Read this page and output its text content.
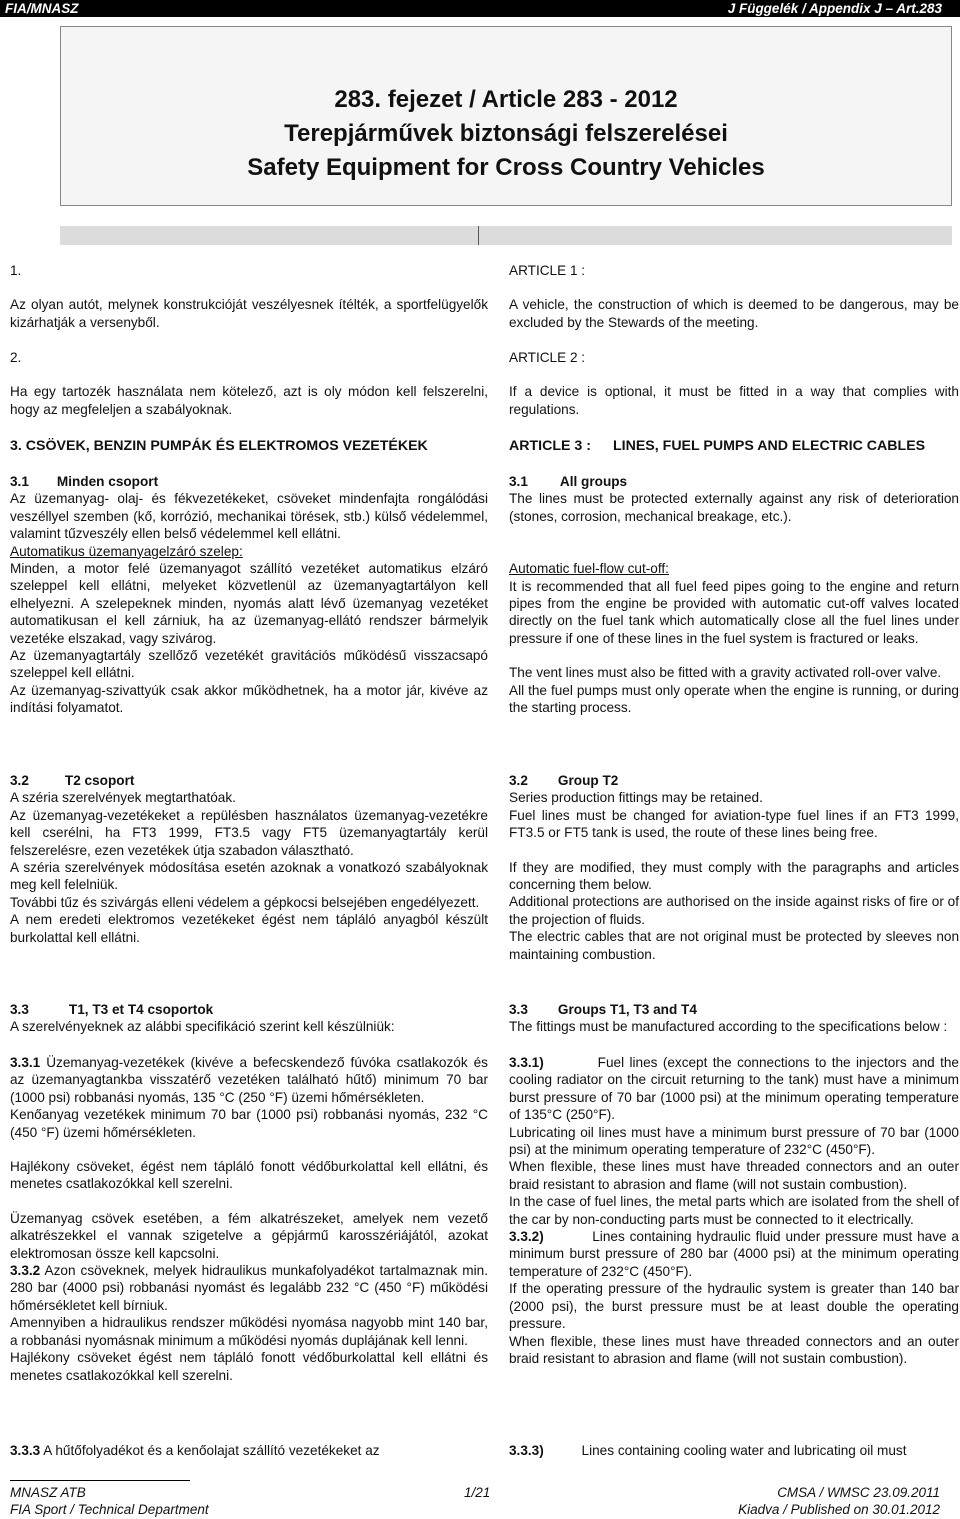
FIA/MNASZ	J Függelék / Appendix J – Art.283
283. fejezet / Article 283 - 2012
Terepjárművek biztonsági felszerelései
Safety Equipment for Cross Country Vehicles
1.
Az olyan autót, melynek konstrukcióját veszélyesnek ítélték, a sportfelügyelők kizárhatják a versenyből.
2.
Ha egy tartozék használata nem kötelező, azt is oly módon kell felszerelni, hogy az megfeleljen a szabályoknak.
3. CSÖVEK, BENZIN PUMPÁK ÉS ELEKTROMOS VEZETÉKEK
3.1 Minden csoport
Az üzemanyag- olaj- és fékvezetékeket, csöveket mindenfajta rongálódási veszéllyel szemben (kő, korrózió, mechanikai törések, stb.) külső védelemmel, valamint tűzveszély ellen belső védelemmel kell ellátni.
Automatikus üzemanyagelzáró szelep:
Minden, a motor felé üzemanyagot szállító vezetéket automatikus elzáró szeleppel kell ellátni, melyeket közvetlenül az üzemanyagtartályon kell elhelyezni. A szelepeknek minden, nyomás alatt lévő üzemanyag vezetéket automatikusan el kell zárniuk, ha az üzemanyag-ellátó rendszer bármelyik vezetéke elszakad, vagy szivárog.
Az üzemanyagtartály szellőző vezetékét gravitációs működésű visszacsapó szeleppel kell ellátni.
Az üzemanyag-szivattyúk csak akkor működhetnek, ha a motor jár, kivéve az indítási folyamatot.
3.2	T2 csoport
A széria szerelvények megtarthatóak.
Az üzemanyag-vezetékeket a repülésben használatos üzemanyag-vezetékre kell cserélni, ha FT3 1999, FT3.5 vagy FT5 üzemanyagtartály kerül felszerelésre, ezen vezetékek útja szabadon választható.
A széria szerelvények módosítása esetén azoknak a vonatkozó szabályoknak meg kell felelniük.
További tűz és szivárgás elleni védelem a gépkocsi belsejében engedélyezett.
A nem eredeti elektromos vezetékeket égést nem tápláló anyagból készült burkolattal kell ellátni.
3.3	T1, T3 et T4 csoportok
A szerelvényeknek az alábbi specifikáció szerint kell készülniük:
3.3.1 Üzemanyag-vezetékek (kivéve a befecskendező fúvóka csatlakozók és az üzemanyagtankba visszatérő vezetéken található hűtő) minimum 70 bar (1000 psi) robbanási nyomás, 135 °C (250 °F) üzemi hőmérsékleten.
Kenőanyag vezetékek minimum 70 bar (1000 psi) robbanási nyomás, 232 °C (450 °F) üzemi hőmérsékleten.
Hajlékony csöveket, égést nem tápláló fonott védőburkolattal kell ellátni, és menetes csatlakozókkal kell szerelni.
Üzemanyag csövek esetében, a fém alkatrészeket, amelyek nem vezető alkatrészekkel el vannak szigetelve a gépjármű karosszériájától, azokat elektromosan össze kell kapcsolni.
3.3.2 Azon csöveknek, melyek hidraulikus munkafolyadékot tartalmaznak min. 280 bar (4000 psi) robbanási nyomást és legalább 232 °C (450 °F) működési hőmérsékletet kell bírniuk.
Amennyiben a hidraulikus rendszer működési nyomása nagyobb mint 140 bar, a robbanási nyomásnak minimum a működési nyomás duplájának kell lenni.
Hajlékony csöveket égést nem tápláló fonott védőburkolattal kell ellátni és menetes csatlakozókkal kell szerelni.
3.3.3 A hűtőfolyadékot és a kenőolajat szállító vezetékeket az
ARTICLE 1 :
A vehicle, the construction of which is deemed to be dangerous, may be excluded by the Stewards of the meeting.
ARTICLE 2 :
If a device is optional, it must be fitted in a way that complies with regulations.
ARTICLE 3 : LINES, FUEL PUMPS AND ELECTRIC CABLES
3.1 All groups
The lines must be protected externally against any risk of deterioration (stones, corrosion, mechanical breakage, etc.).
Automatic fuel-flow cut-off:
It is recommended that all fuel feed pipes going to the engine and return pipes from the engine be provided with automatic cut-off valves located directly on the fuel tank which automatically close all the fuel lines under pressure if one of these lines in the fuel system is fractured or leaks.
The vent lines must also be fitted with a gravity activated roll-over valve.
All the fuel pumps must only operate when the engine is running, or during the starting process.
3.2 Group T2
Series production fittings may be retained.
Fuel lines must be changed for aviation-type fuel lines if an FT3 1999, FT3.5 or FT5 tank is used, the route of these lines being free.
If they are modified, they must comply with the paragraphs and articles concerning them below.
Additional protections are authorised on the inside against risks of fire or of the projection of fluids.
The electric cables that are not original must be protected by sleeves non maintaining combustion.
3.3 Groups T1, T3 and T4
The fittings must be manufactured according to the specifications below :
3.3.1)	Fuel lines (except the connections to the injectors and the cooling radiator on the circuit returning to the tank) must have a minimum burst pressure of 70 bar (1000 psi) at the minimum operating temperature of 135°C (250°F).
Lubricating oil lines must have a minimum burst pressure of 70 bar (1000 psi) at the minimum operating temperature of 232°C (450°F).
When flexible, these lines must have threaded connectors and an outer braid resistant to abrasion and flame (will not sustain combustion).
In the case of fuel lines, the metal parts which are isolated from the shell of the car by non-conducting parts must be connected to it electrically.
3.3.2)	Lines containing hydraulic fluid under pressure must have a minimum burst pressure of 280 bar (4000 psi) at the minimum operating temperature of 232°C (450°F).
If the operating pressure of the hydraulic system is greater than 140 bar (2000 psi), the burst pressure must be at least double the operating pressure.
When flexible, these lines must have threaded connectors and an outer braid resistant to abrasion and flame (will not sustain combustion).
3.3.3)	Lines containing cooling water and lubricating oil must
MNASZ ATB
FIA Sport / Technical Department
1/21	CMSA / WMSC 23.09.2011
Kiadva / Published on 30.01.2012
